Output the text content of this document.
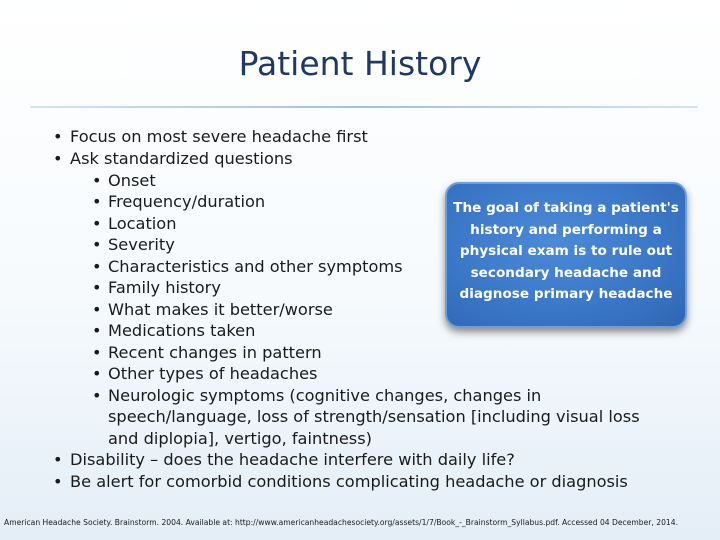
Patient History
• Focus on most severe headache first
• Ask standardized questions
• Onset
• Frequency/duration
• Location
• Severity
• Characteristics and other symptoms
• Family history
• What makes it better/worse
• Medications taken
• Recent changes in pattern
• Other types of headaches
• Neurologic symptoms (cognitive changes, changes in
speech/language, loss of strength/sensation [including visual loss
and diplopia], vertigo, faintness)
• Disability – does the headache interfere with daily life?
• Be alert for comorbid conditions complicating headache or diagnosis
The goal of taking a patient's
history and performing a
physical exam is to rule out
secondary headache and
diagnose primary headache
American Headache Society. Brainstorm. 2004. Available at: http://www.americanheadachesociety.org/assets/1/7/Book_-_Brainstorm_Syllabus.pdf. Accessed 04 December, 2014.
